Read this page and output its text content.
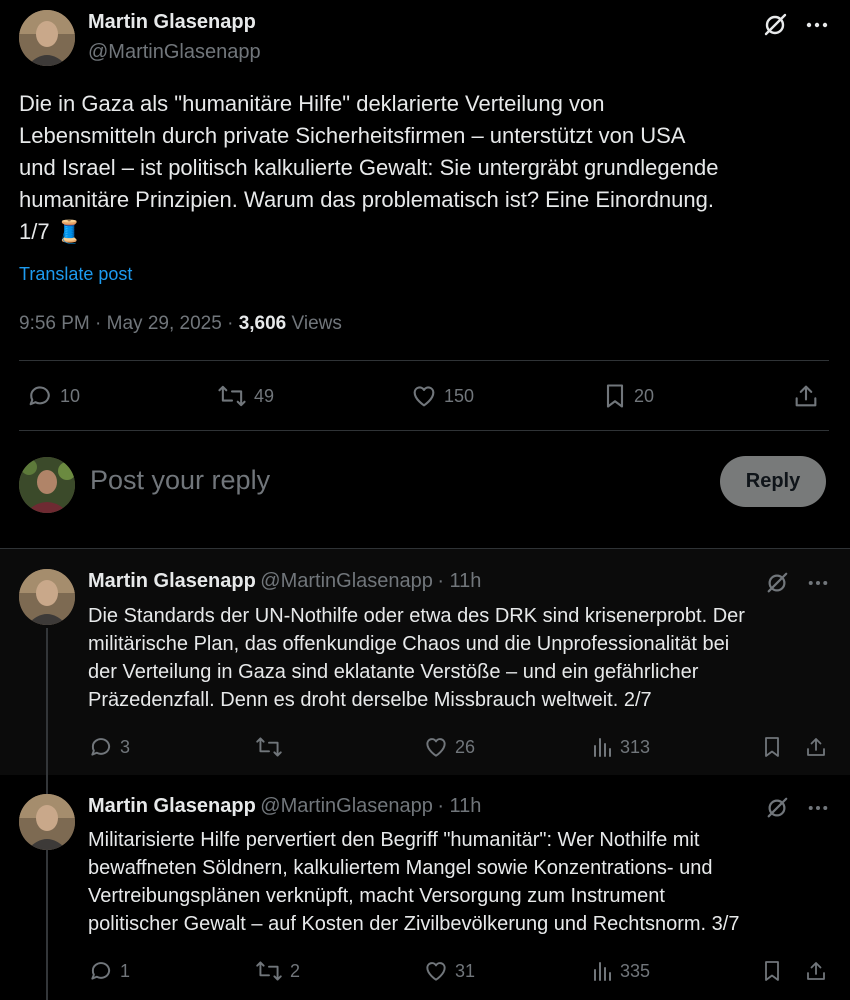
Martin Glasenapp
@MartinGlasenapp
Die in Gaza als "humanitäre Hilfe" deklarierte Verteilung von
Lebensmitteln durch private Sicherheitsfirmen – unterstützt von USA
und Israel – ist politisch kalkulierte Gewalt: Sie untergräbt grundlegende
humanitäre Prinzipien. Warum das problematisch ist? Eine Einordnung.
1/7 🧵
Translate post
9:56 PM · May 29, 2025 · 3,606 Views
10	49	150	20
Post your reply	Reply
Martin Glasenapp @MartinGlasenapp · 11h
Die Standards der UN-Nothilfe oder etwa des DRK sind krisenerprobt. Der
militärische Plan, das offenkundige Chaos und die Unprofessionalität bei
der Verteilung in Gaza sind eklatante Verstöße – und ein gefährlicher
Präzedenzfall. Denn es droht derselbe Missbrauch weltweit. 2/7
3	26	313
Martin Glasenapp @MartinGlasenapp · 11h
Militarisierte Hilfe pervertiert den Begriff "humanitär": Wer Nothilfe mit
bewaffneten Söldnern, kalkuliertem Mangel sowie Konzentrations- und
Vertreibungsplänen verknüpft, macht Versorgung zum Instrument
politischer Gewalt – auf Kosten der Zivilbevölkerung und Rechtsnorm. 3/7
1	2	31	335
